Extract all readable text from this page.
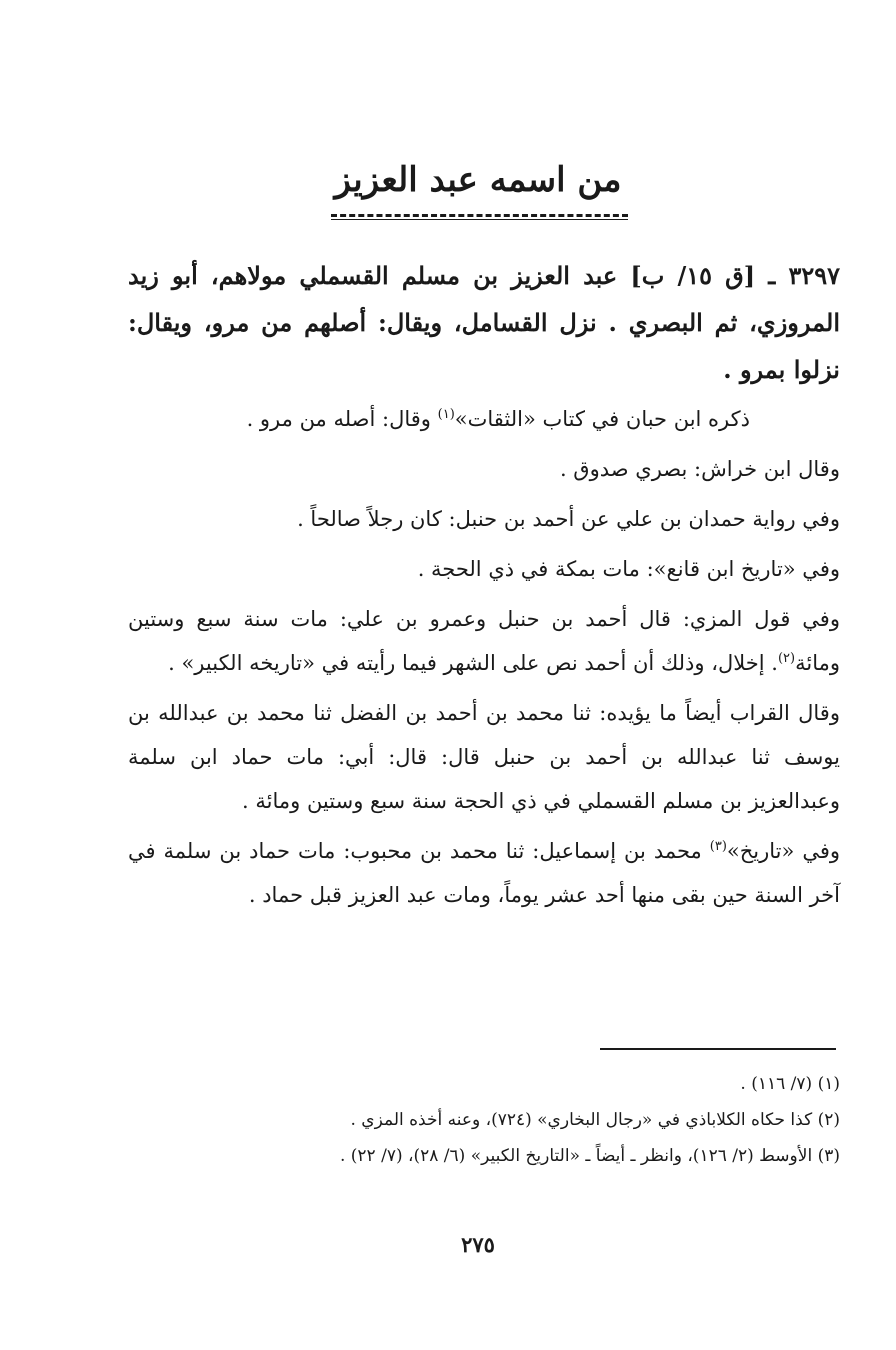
من اسمه عبد العزيز

٣٢٩٧ ـ [ق ١٥/ ب] عبد العزيز بن مسلم القسملي مولاهم، أبو زيد المروزي، ثم البصري . نزل القسامل، ويقال: أصلهم من مرو، ويقال: نزلوا بمرو .

ذكره ابن حبان في كتاب «الثقات»$^{(١)}$ وقال: أصله من مرو .

وقال ابن خراش: بصري صدوق .

وفي رواية حمدان بن علي عن أحمد بن حنبل: كان رجلاً صالحاً .

وفي «تاريخ ابن قانع»: مات بمكة في ذي الحجة .

وفي قول المزي: قال أحمد بن حنبل وعمرو بن علي: مات سنة سبع وستين ومائة$^{(٢)}$. إخلال، وذلك أن أحمد نص على الشهر فيما رأيته في «تاريخه الكبير» .

وقال القراب أيضاً ما يؤيده: ثنا محمد بن أحمد بن الفضل ثنا محمد بن عبدالله بن يوسف ثنا عبدالله بن أحمد بن حنبل قال: قال: أبي: مات حماد ابن سلمة وعبدالعزيز بن مسلم القسملي في ذي الحجة سنة سبع وستين ومائة .

وفي «تاريخ»$^{(٣)}$ محمد بن إسماعيل: ثنا محمد بن محبوب: مات حماد بن سلمة في آخر السنة حين بقى منها أحد عشر يوماً، ومات عبد العزيز قبل حماد .

(١) (٧/ ١١٦) .

(٢) كذا حكاه الكلاباذي في «رجال البخاري» (٧٢٤)، وعنه أخذه المزي .

(٣) الأوسط (٢/ ١٢٦)، وانظر ـ أيضاً ـ «التاريخ الكبير» (٦/ ٢٨)، (٧/ ٢٢) .

٢٧٥
